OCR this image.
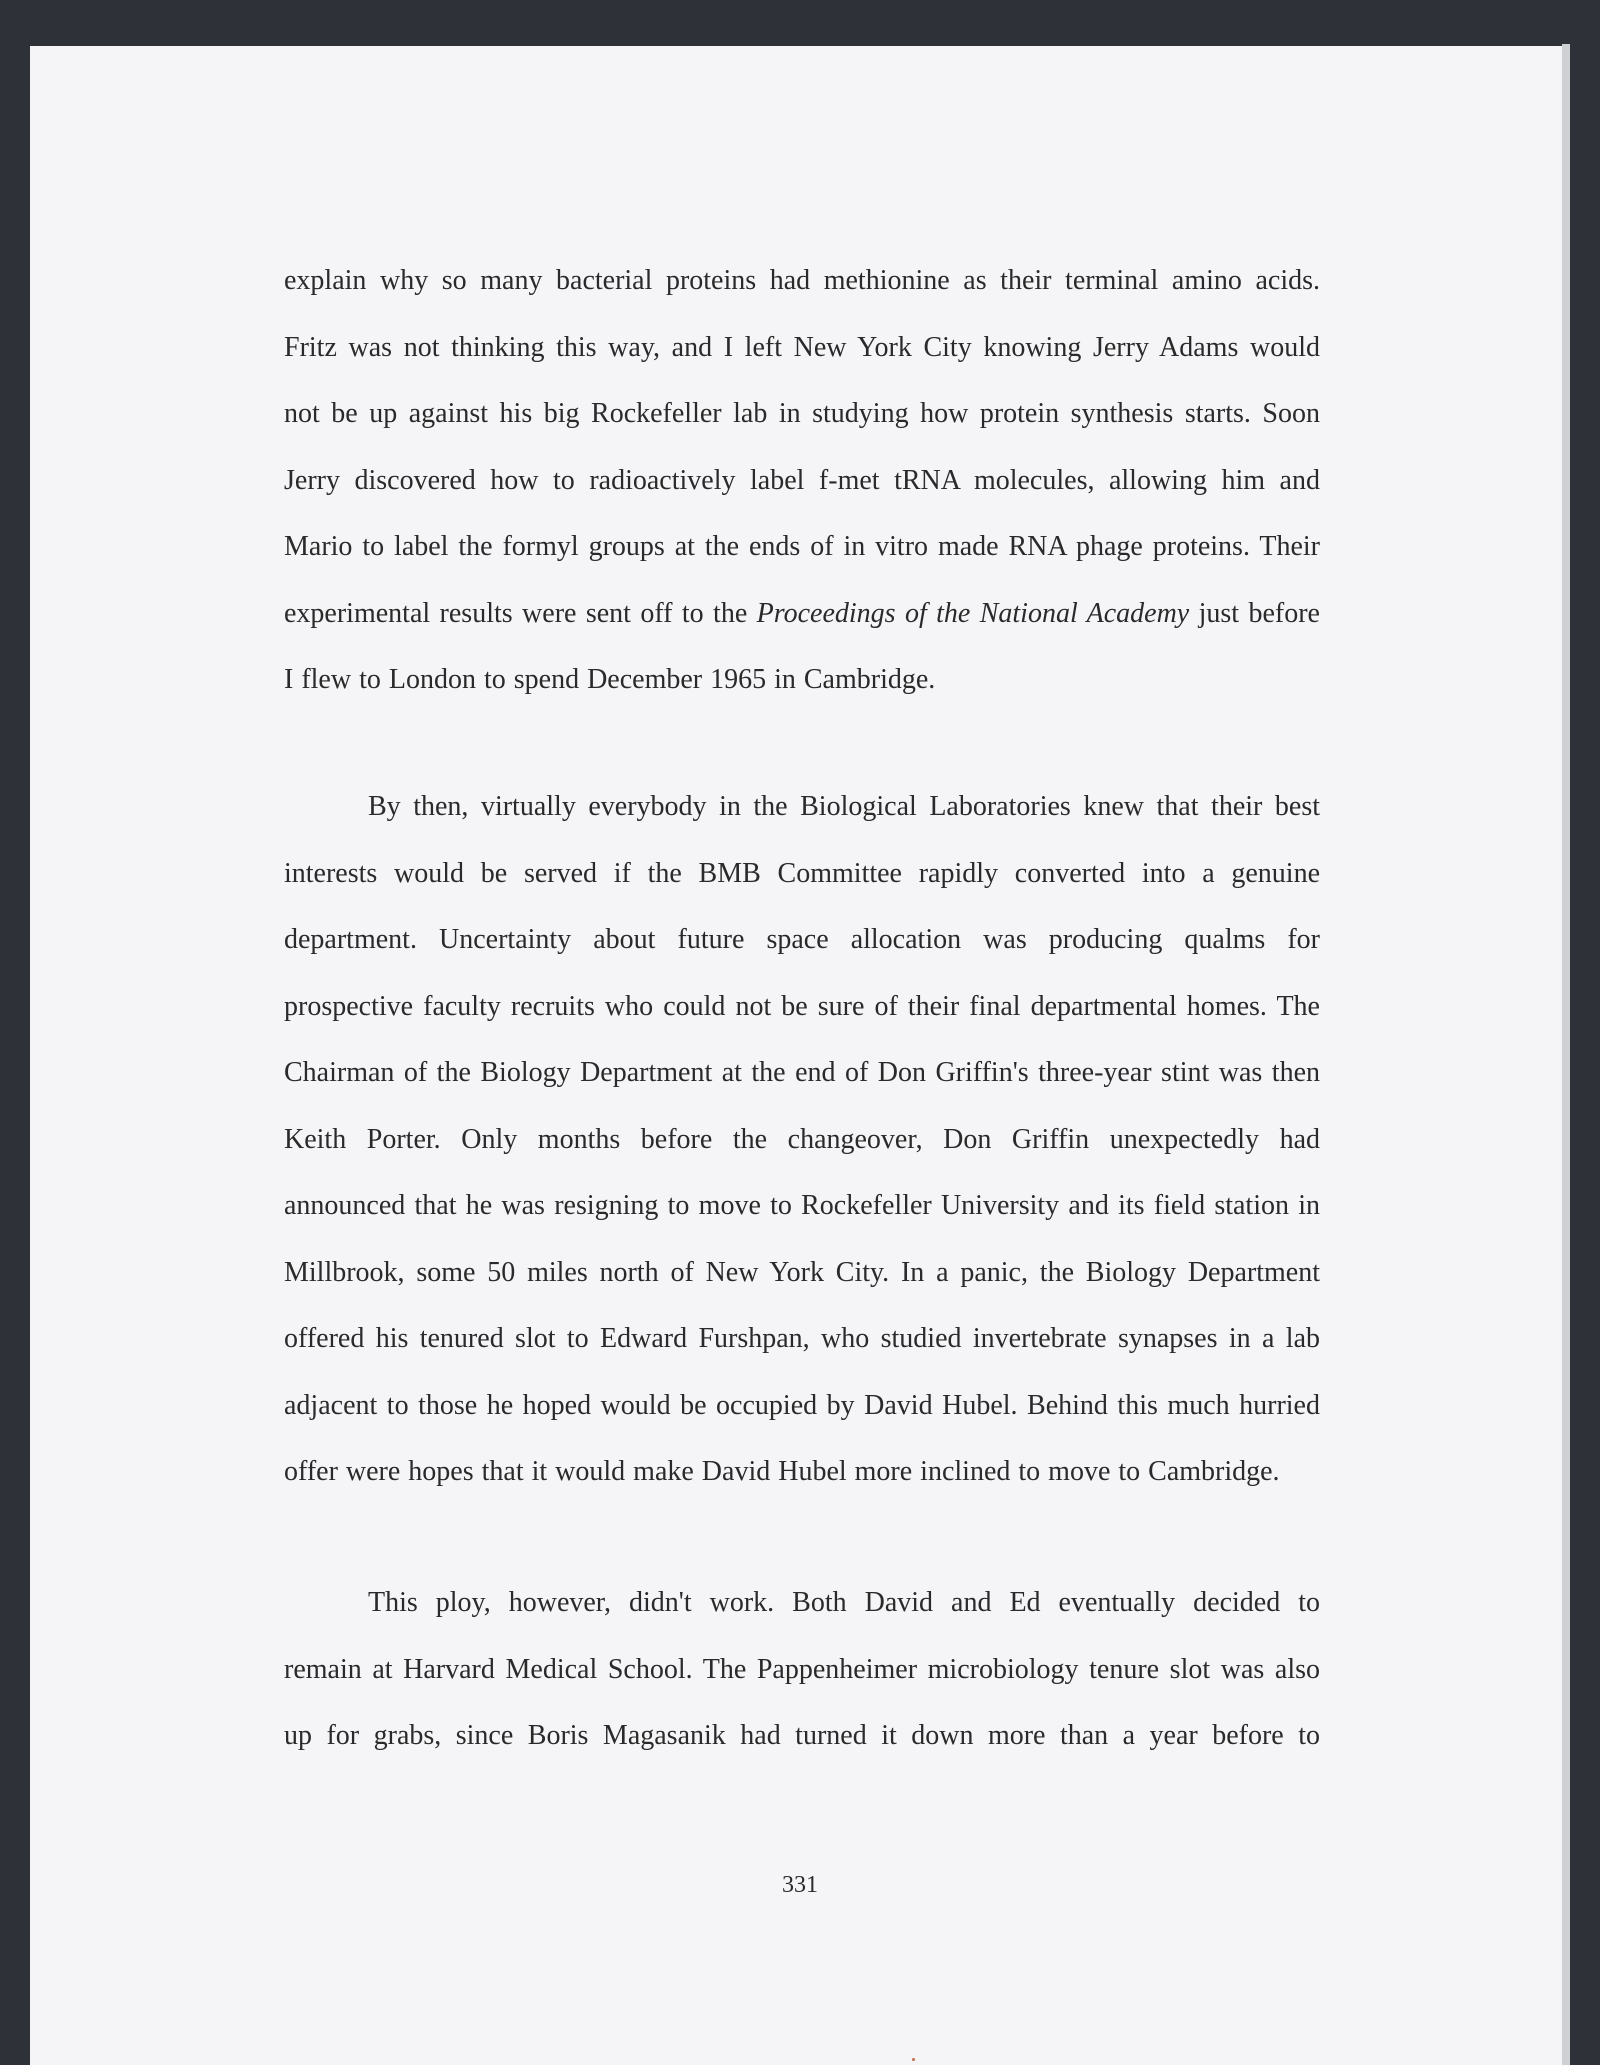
explain why so many bacterial proteins had methionine as their terminal amino acids.
Fritz was not thinking this way, and I left New York City knowing Jerry Adams would
not be up against his big Rockefeller lab in studying how protein synthesis starts. Soon
Jerry discovered how to radioactively label f-met tRNA molecules, allowing him and
Mario to label the formyl groups at the ends of in vitro made RNA phage proteins. Their
experimental results were sent off to the Proceedings of the National Academy just before
I flew to London to spend December 1965 in Cambridge.
By then, virtually everybody in the Biological Laboratories knew that their best
interests would be served if the BMB Committee rapidly converted into a genuine
department. Uncertainty about future space allocation was producing qualms for
prospective faculty recruits who could not be sure of their final departmental homes. The
Chairman of the Biology Department at the end of Don Griffin's three-year stint was then
Keith Porter. Only months before the changeover, Don Griffin unexpectedly had
announced that he was resigning to move to Rockefeller University and its field station in
Millbrook, some 50 miles north of New York City. In a panic, the Biology Department
offered his tenured slot to Edward Furshpan, who studied invertebrate synapses in a lab
adjacent to those he hoped would be occupied by David Hubel. Behind this much hurried
offer were hopes that it would make David Hubel more inclined to move to Cambridge.
This ploy, however, didn't work. Both David and Ed eventually decided to
remain at Harvard Medical School. The Pappenheimer microbiology tenure slot was also
up for grabs, since Boris Magasanik had turned it down more than a year before to
331
